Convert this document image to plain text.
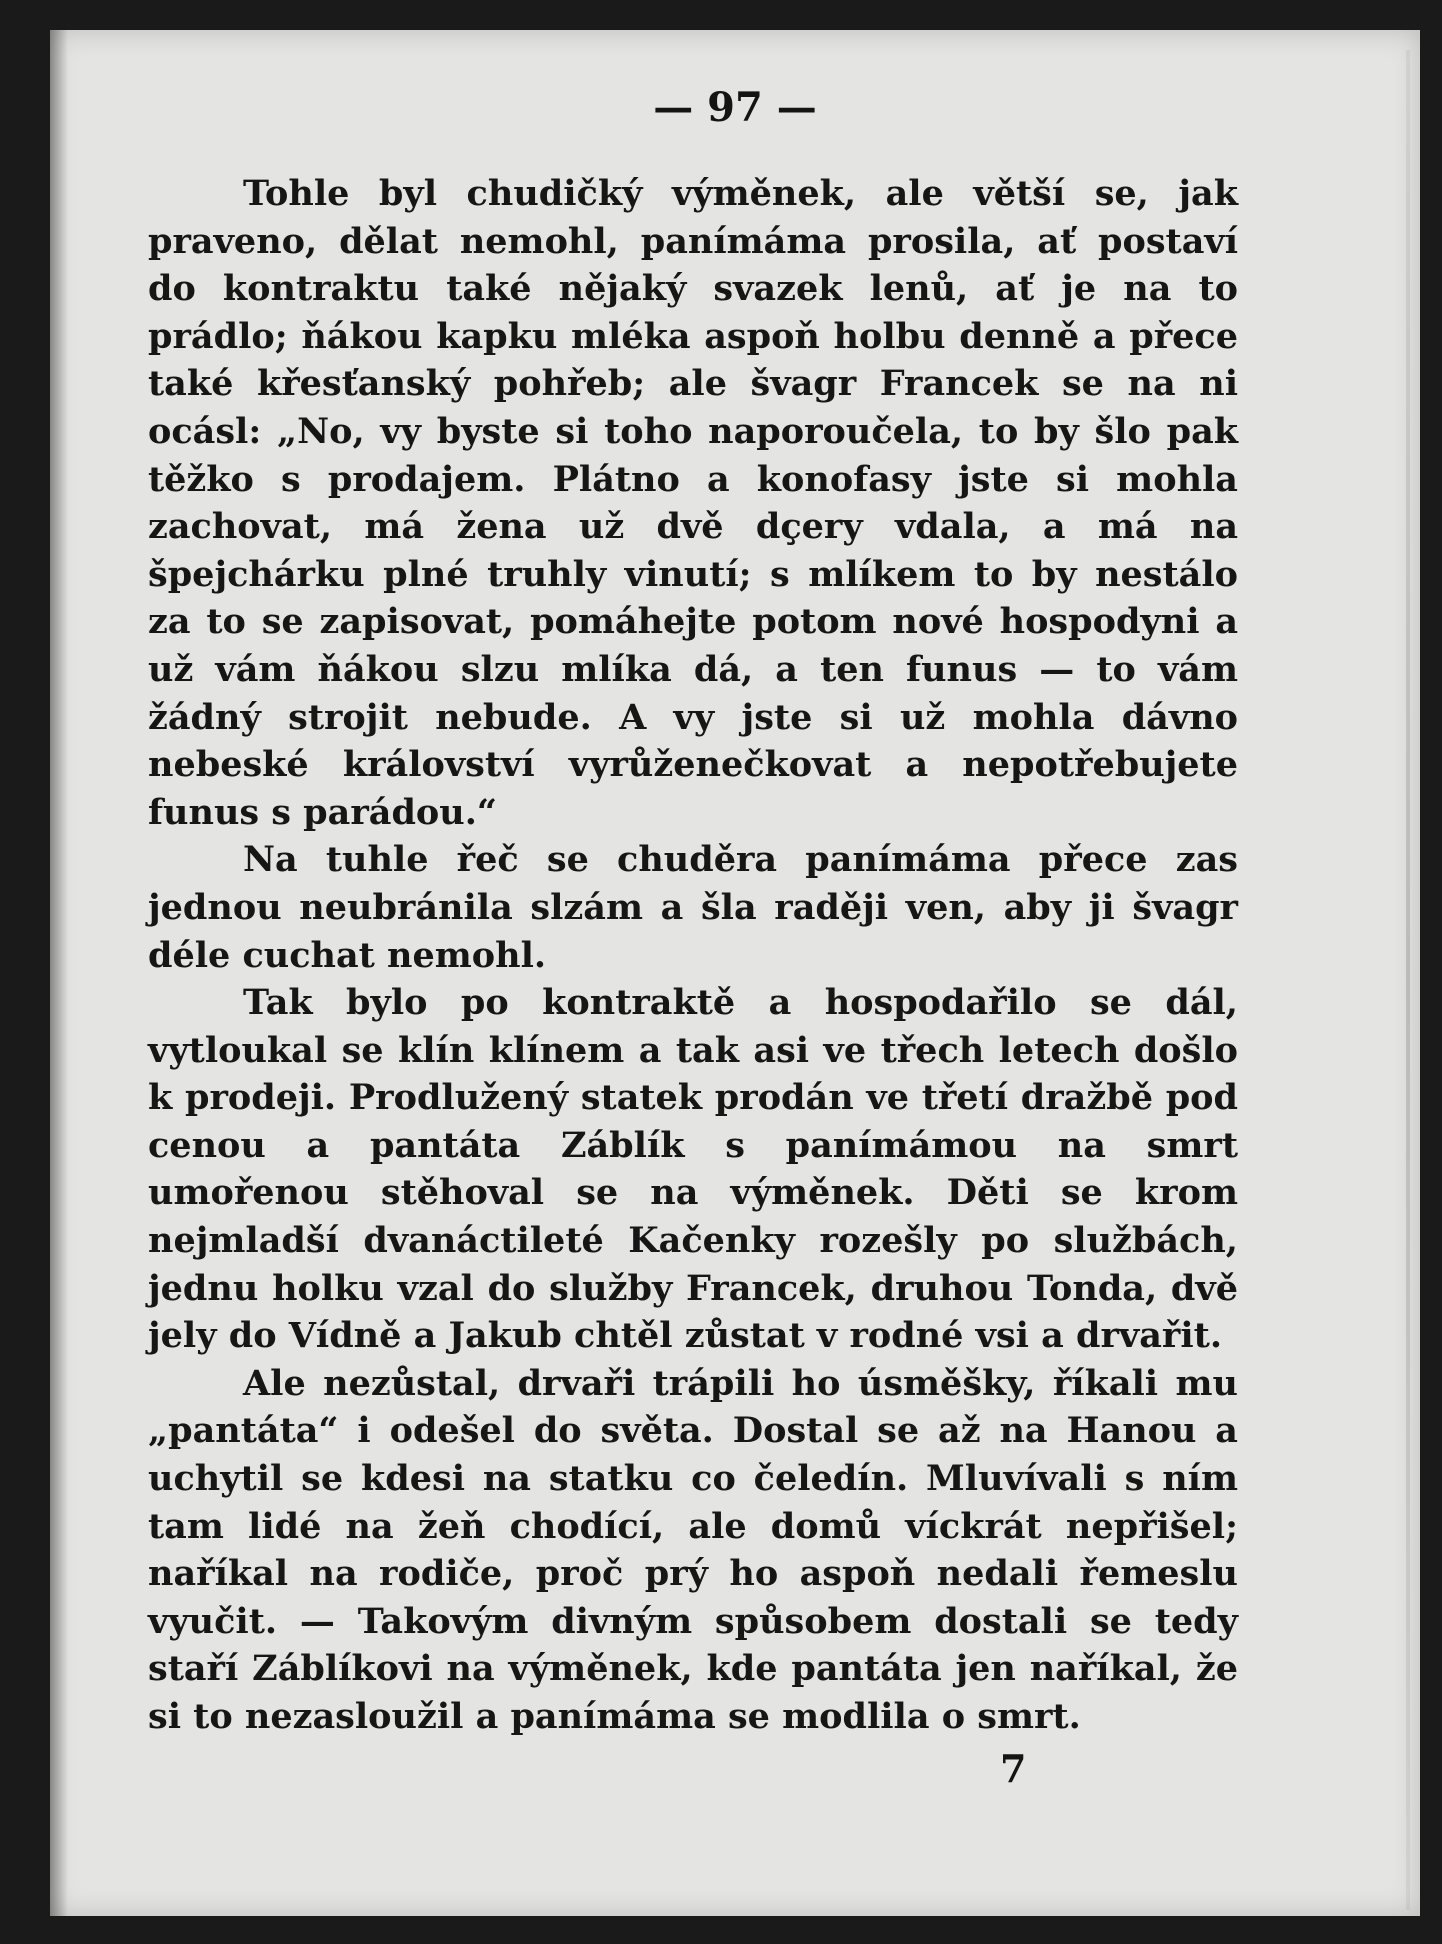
— 97 —

Tohle byl chudičký výměnek, ale větší se, jak praveno, dělat nemohl, panímáma prosila, ať postaví do kontraktu také nějaký svazek lenů, ať je na to prádlo; ňákou kapku mléka aspoň holbu denně a přece také křesťanský pohřeb; ale švagr Francek se na ni ocásl: „No, vy byste si toho naporoučela, to by šlo pak těžko s prodajem. Plátno a konofasy jste si mohla zachovat, má žena už dvě dçery vdala, a má na špejchárku plné truhly vinutí; s mlíkem to by nestálo za to se zapisovat, pomáhejte potom nové hospodyni a už vám ňákou slzu mlíka dá, a ten funus — to vám žádný strojit nebude. A vy jste si už mohla dávno nebeské království vyrůženečkovat a nepotřebujete funus s parádou.“

Na tuhle řeč se chuděra panímáma přece zas jednou neubránila slzám a šla raději ven, aby ji švagr déle cuchat nemohl.

Tak bylo po kontraktě a hospodařilo se dál, vytloukal se klín klínem a tak asi ve třech letech došlo k prodeji. Prodlužený statek prodán ve třetí dražbě pod cenou a pantáta Záblík s panímámou na smrt umořenou stěhoval se na výměnek. Děti se krom nejmladší dvanáctileté Kačenky rozešly po službách, jednu holku vzal do služby Francek, druhou Tonda, dvě jely do Vídně a Jakub chtěl zůstat v rodné vsi a drvařit.

Ale nezůstal, drvaři trápili ho úsměšky, říkali mu „pantáta“ i odešel do světa. Dostal se až na Hanou a uchytil se kdesi na statku co čeledín. Mluvívali s ním tam lidé na žeň chodící, ale domů víckrát nepřišel; naříkal na rodiče, proč prý ho aspoň nedali řemeslu vyučit. — Takovým divným spůsobem dostali se tedy staří Záblíkovi na výměnek, kde pantáta jen naříkal, že si to nezasloužil a panímáma se modlila o smrt.

7
